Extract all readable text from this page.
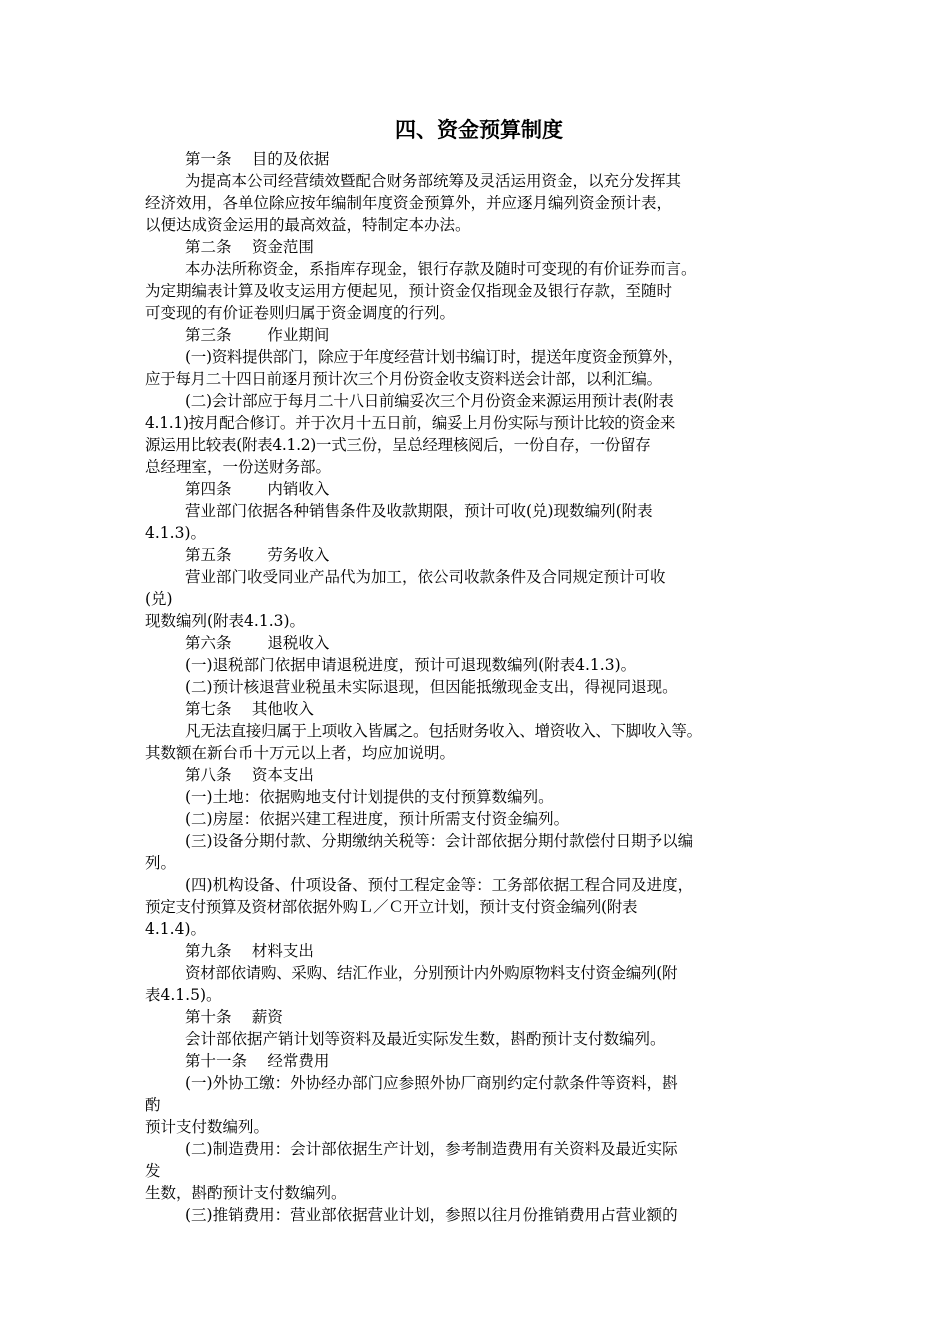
四、资金预算制度
第一条　 目的及依据
为提高本公司经营绩效暨配合财务部统筹及灵活运用资金，以充分发挥其
经济效用，各单位除应按年编制年度资金预算外，并应逐月编列资金预计表，
以便达成资金运用的最高效益，特制定本办法。
第二条　 资金范围
本办法所称资金，系指库存现金，银行存款及随时可变现的有价证券而言。
为定期编表计算及收支运用方便起见，预计资金仅指现金及银行存款，至随时
可变现的有价证卷则归属于资金调度的行列。
第三条　　 作业期间
(一)资料提供部门，除应于年度经营计划书编订时，提送年度资金预算外，
应于每月二十四日前逐月预计次三个月份资金收支资料送会计部，以利汇编。
(二)会计部应于每月二十八日前编妥次三个月份资金来源运用预计表(附表
4.1.1)按月配合修订。并于次月十五日前，编妥上月份实际与预计比较的资金来
源运用比较表(附表4.1.2)一式三份，呈总经理核阅后，一份自存，一份留存
总经理室，一份送财务部。
第四条　　 内销收入
营业部门依据各种销售条件及收款期限，预计可收(兑)现数编列(附表
4.1.3)。
第五条　　 劳务收入
营业部门收受同业产品代为加工，依公司收款条件及合同规定预计可收
(兑)
现数编列(附表4.1.3)。
第六条　　 退税收入
(一)退税部门依据申请退税进度，预计可退现数编列(附表4.1.3)。
(二)预计核退营业税虽未实际退现，但因能抵缴现金支出，得视同退现。
第七条　 其他收入
凡无法直接归属于上项收入皆属之。包括财务收入、增资收入、下脚收入等。
其数额在新台币十万元以上者，均应加说明。
第八条　 资本支出
(一)土地：依据购地支付计划提供的支付预算数编列。
(二)房屋：依据兴建工程进度，预计所需支付资金编列。
(三)设备分期付款、分期缴纳关税等：会计部依据分期付款偿付日期予以编
列。
(四)机构设备、什项设备、预付工程定金等：工务部依据工程合同及进度，
预定支付预算及资材部依据外购Ｌ／Ｃ开立计划，预计支付资金编列(附表
4.1.4)。
第九条　 材料支出
资材部依请购、采购、结汇作业，分别预计内外购原物料支付资金编列(附
表4.1.5)。
第十条　 薪资
会计部依据产销计划等资料及最近实际发生数，斟酌预计支付数编列。
第十一条　 经常费用
(一)外协工缴：外协经办部门应参照外协厂商别约定付款条件等资料，斟
酌
预计支付数编列。
(二)制造费用：会计部依据生产计划，参考制造费用有关资料及最近实际
发
生数，斟酌预计支付数编列。
(三)推销费用：营业部依据营业计划，参照以往月份推销费用占营业额的
